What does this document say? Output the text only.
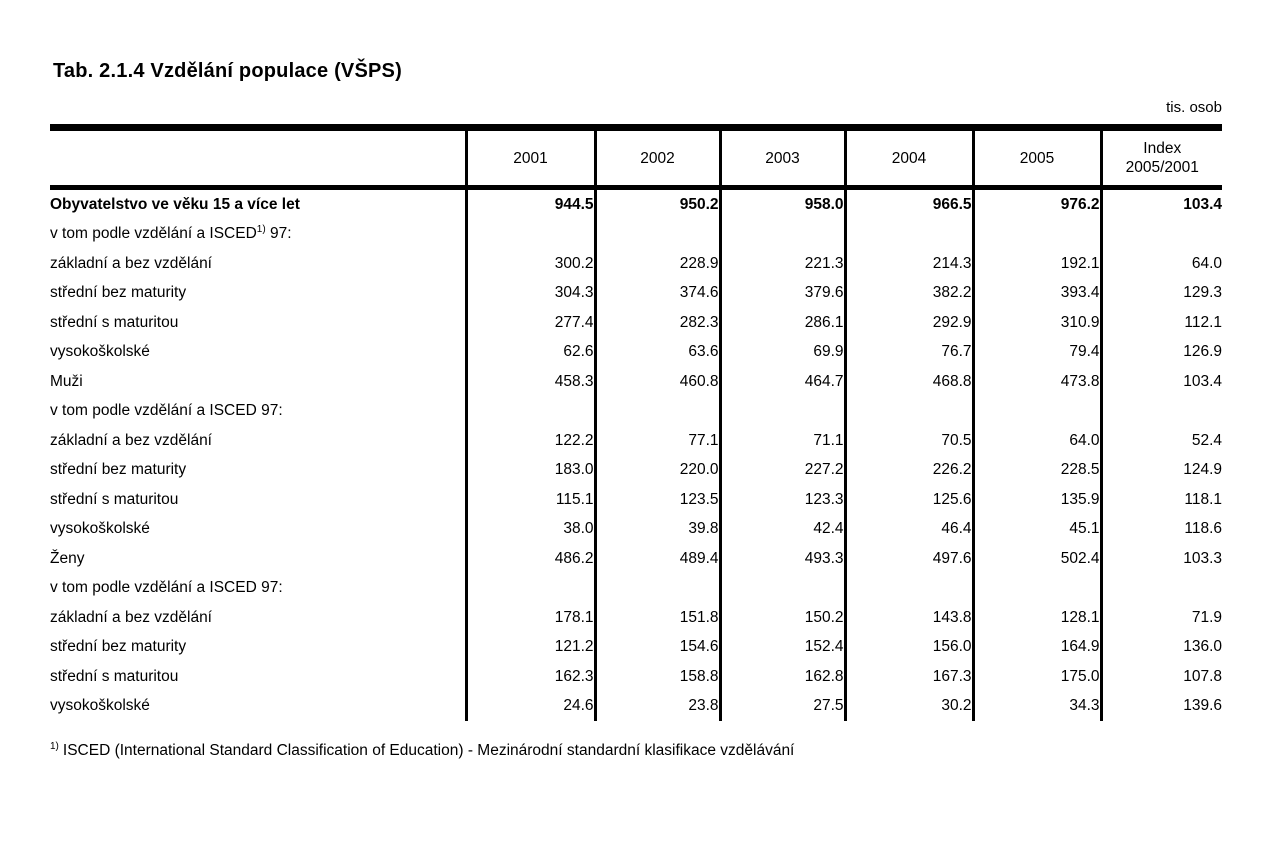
Tab. 2.1.4 Vzdělání populace (VŠPS)
tis. osob
	2001	2002	2003	2004	2005	Index
2005/2001

Obyvatelstvo ve věku 15 a více let	944.5	950.2	958.0	966.5	976.2	103.4
v tom podle vzdělání a ISCED$^{1)}$ 97:						
základní a bez vzdělání	300.2	228.9	221.3	214.3	192.1	64.0
střední bez maturity	304.3	374.6	379.6	382.2	393.4	129.3
střední s maturitou	277.4	282.3	286.1	292.9	310.9	112.1
vysokoškolské	62.6	63.6	69.9	76.7	79.4	126.9
Muži	458.3	460.8	464.7	468.8	473.8	103.4
v tom podle vzdělání a ISCED 97:						
základní a bez vzdělání	122.2	77.1	71.1	70.5	64.0	52.4
střední bez maturity	183.0	220.0	227.2	226.2	228.5	124.9
střední s maturitou	115.1	123.5	123.3	125.6	135.9	118.1
vysokoškolské	38.0	39.8	42.4	46.4	45.1	118.6
Ženy	486.2	489.4	493.3	497.6	502.4	103.3
v tom podle vzdělání a ISCED 97:						
základní a bez vzdělání	178.1	151.8	150.2	143.8	128.1	71.9
střední bez maturity	121.2	154.6	152.4	156.0	164.9	136.0
střední s maturitou	162.3	158.8	162.8	167.3	175.0	107.8
vysokoškolské	24.6	23.8	27.5	30.2	34.3	139.6
$^{1)}$ ISCED (International Standard Classification of Education) - Mezinárodní standardní klasifikace vzdělávání
